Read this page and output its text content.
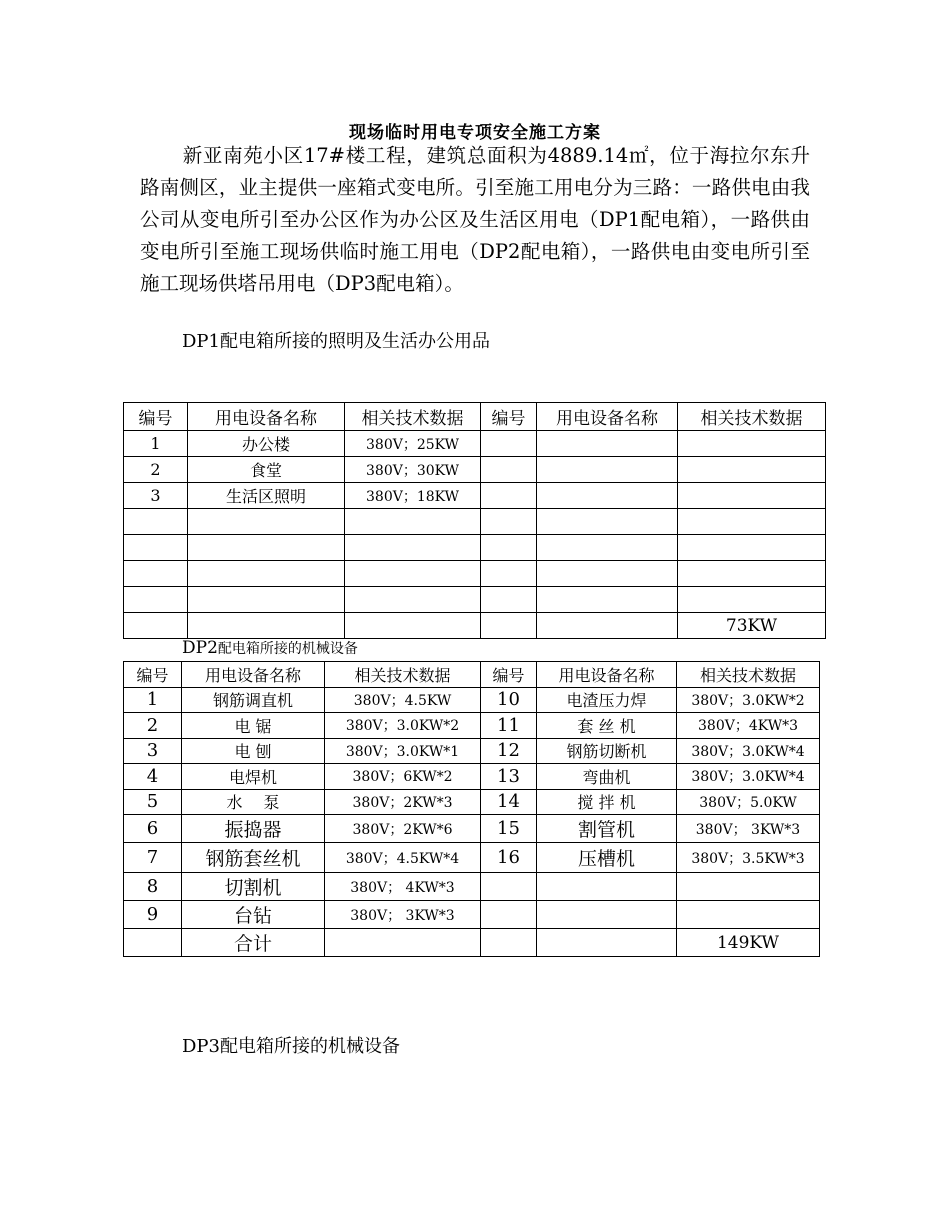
现场临时用电专项安全施工方案

新亚南苑小区17#楼工程，建筑总面积为4889.14㎡，位于海拉尔东升路南侧区，业主提供一座箱式变电所。引至施工用电分为三路：一路供电由我公司从变电所引至办公区作为办公区及生活区用电（DP1配电箱），一路供由变电所引至施工现场供临时施工用电（DP2配电箱），一路供电由变电所引至施工现场供塔吊用电（DP3配电箱）。

DP1配电箱所接的照明及生活办公用品
编号	用电设备名称	相关技术数据	编号	用电设备名称	相关技术数据
1	办公楼	380V；25KW			
2	食堂	380V；30KW			
3	生活区照明	380V；18KW			

					73KW
DP2配电箱所接的机械设备
编号	用电设备名称	相关技术数据	编号	用电设备名称	相关技术数据
1	钢筋调直机	380V；4.5KW	10	电渣压力焊	380V；3.0KW*2
2	电 锯	380V；3.0KW*2	11	套 丝 机	380V；4KW*3
3	电 刨	380V；3.0KW*1	12	钢筋切断机	380V；3.0KW*4
4	电焊机	380V；6KW*2	13	弯曲机	380V；3.0KW*4
5	水　 泵	380V；2KW*3	14	搅 拌 机	380V；5.0KW
6	振捣器	380V；2KW*6	15	割管机	380V； 3KW*3
7	钢筋套丝机	380V；4.5KW*4	16	压槽机	380V；3.5KW*3
8	切割机	380V； 4KW*3			
9	台钻	380V； 3KW*3			
	合计				149KW
DP3配电箱所接的机械设备
